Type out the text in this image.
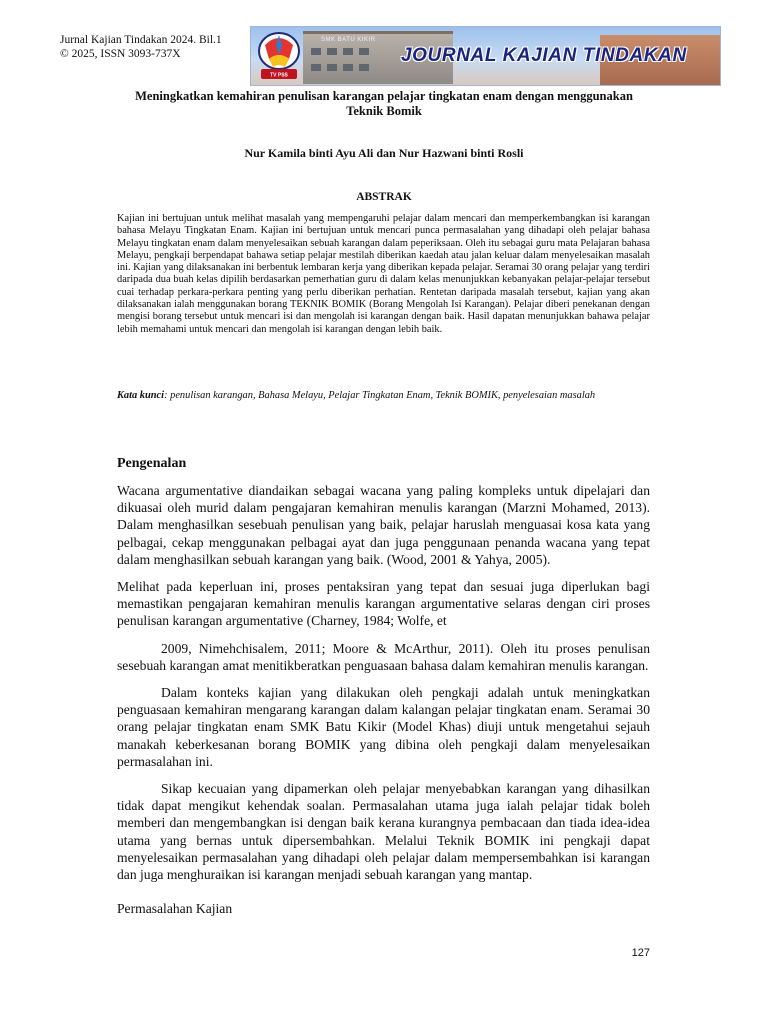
Jurnal Kajian Tindakan 2024. Bil.1
© 2025, ISSN 3093-737X
SMK BATU KIKIR
TV PSS
JOURNAL KAJIAN TINDAKAN
Meningkatkan kemahiran penulisan karangan pelajar tingkatan enam dengan menggunakan
Teknik Bomik
Nur Kamila binti Ayu Ali dan Nur Hazwani binti Rosli
ABSTRAK
Kajian ini bertujuan untuk melihat masalah yang mempengaruhi pelajar dalam mencari dan memperkembangkan isi karangan bahasa Melayu Tingkatan Enam. Kajian ini bertujuan untuk mencari punca permasalahan yang dihadapi oleh pelajar bahasa Melayu tingkatan enam dalam menyelesaikan sebuah karangan dalam peperiksaan. Oleh itu sebagai guru mata Pelajaran bahasa Melayu, pengkaji berpendapat bahawa setiap pelajar mestilah diberikan kaedah atau jalan keluar dalam menyelesaikan masalah ini. Kajian yang dilaksanakan ini berbentuk lembaran kerja yang diberikan kepada pelajar. Seramai 30 orang pelajar yang terdiri daripada dua buah kelas dipilih berdasarkan pemerhatian guru di dalam kelas menunjukkan kebanyakan pelajar-pelajar tersebut cuai terhadap perkara-perkara penting yang perlu diberikan perhatian. Rentetan daripada masalah tersebut, kajian yang akan dilaksanakan ialah menggunakan borang TEKNIK BOMIK (Borang Mengolah Isi Karangan). Pelajar diberi penekanan dengan mengisi borang tersebut untuk mencari isi dan mengolah isi karangan dengan baik. Hasil dapatan menunjukkan bahawa pelajar lebih memahami untuk mencari dan mengolah isi karangan dengan lebih baik.
Kata kunci: penulisan karangan, Bahasa Melayu, Pelajar Tingkatan Enam, Teknik BOMIK, penyelesaian masalah
Pengenalan

Wacana argumentative diandaikan sebagai wacana yang paling kompleks untuk dipelajari dan dikuasai oleh murid dalam pengajaran kemahiran menulis karangan (Marzni Mohamed, 2013). Dalam menghasilkan sesebuah penulisan yang baik, pelajar haruslah menguasai kosa kata yang pelbagai, cekap menggunakan pelbagai ayat dan juga penggunaan penanda wacana yang tepat dalam menghasilkan sebuah karangan yang baik. (Wood, 2001 & Yahya, 2005).

Melihat pada keperluan ini, proses pentaksiran yang tepat dan sesuai juga diperlukan bagi memastikan pengajaran kemahiran menulis karangan argumentative selaras dengan ciri proses penulisan karangan argumentative (Charney, 1984; Wolfe, et

2009, Nimehchisalem, 2011; Moore & McArthur, 2011). Oleh itu proses penulisan sesebuah karangan amat menitikberatkan penguasaan bahasa dalam kemahiran menulis karangan.

Dalam konteks kajian yang dilakukan oleh pengkaji adalah untuk meningkatkan penguasaan kemahiran mengarang karangan dalam kalangan pelajar tingkatan enam. Seramai 30 orang pelajar tingkatan enam SMK Batu Kikir (Model Khas) diuji untuk mengetahui sejauh manakah keberkesanan borang BOMIK yang dibina oleh pengkaji dalam menyelesaikan permasalahan ini.

Sikap kecuaian yang dipamerkan oleh pelajar menyebabkan karangan yang dihasilkan tidak dapat mengikut kehendak soalan. Permasalahan utama juga ialah pelajar tidak boleh memberi dan mengembangkan isi dengan baik kerana kurangnya pembacaan dan tiada idea-idea utama yang bernas untuk dipersembahkan. Melalui Teknik BOMIK ini pengkaji dapat menyelesaikan permasalahan yang dihadapi oleh pelajar dalam mempersembahkan isi karangan dan juga menghuraikan isi karangan menjadi sebuah karangan yang mantap.

Permasalahan Kajian
127
